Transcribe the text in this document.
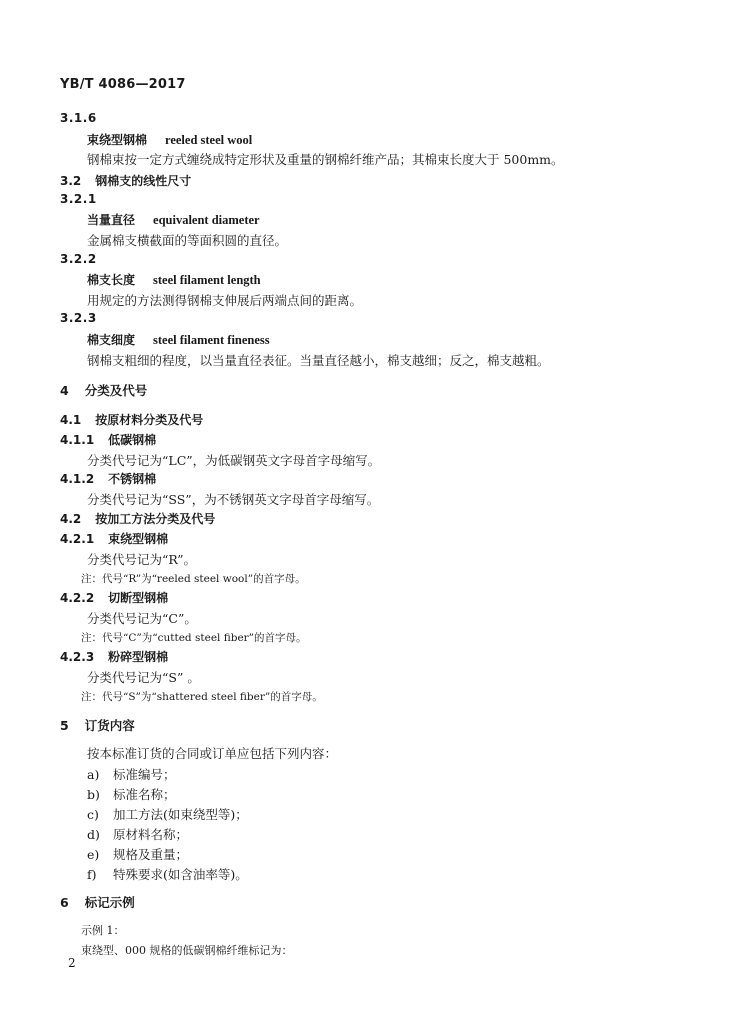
YB/T 4086—2017
3.1.6
束绕型钢棉 reeled steel wool
钢棉束按一定方式缠绕成特定形状及重量的钢棉纤维产品；其棉束长度大于 500mm。
3.2 钢棉支的线性尺寸
3.2.1
当量直径 equivalent diameter
金属棉支横截面的等面积圆的直径。
3.2.2
棉支长度 steel filament length
用规定的方法测得钢棉支伸展后两端点间的距离。
3.2.3
棉支细度 steel filament fineness
钢棉支粗细的程度，以当量直径表征。当量直径越小，棉支越细；反之，棉支越粗。
4 分类及代号
4.1 按原材料分类及代号
4.1.1 低碳钢棉
分类代号记为“LC”，为低碳钢英文字母首字母缩写。
4.1.2 不锈钢棉
分类代号记为“SS”，为不锈钢英文字母首字母缩写。
4.2 按加工方法分类及代号
4.2.1 束绕型钢棉
分类代号记为“R”。
注：代号“R”为“reeled steel wool”的首字母。
4.2.2 切断型钢棉
分类代号记为“C”。
注：代号“C”为“cutted steel fiber”的首字母。
4.2.3 粉碎型钢棉
分类代号记为“S” 。
注：代号“S”为“shattered steel fiber”的首字母。
5 订货内容
按本标准订货的合同或订单应包括下列内容：
a) 标准编号；
b) 标准名称；
c) 加工方法(如束绕型等)；
d) 原材料名称；
e) 规格及重量；
f) 特殊要求(如含油率等)。
6 标记示例
示例 1：
束绕型、000 规格的低碳钢棉纤维标记为：
2
